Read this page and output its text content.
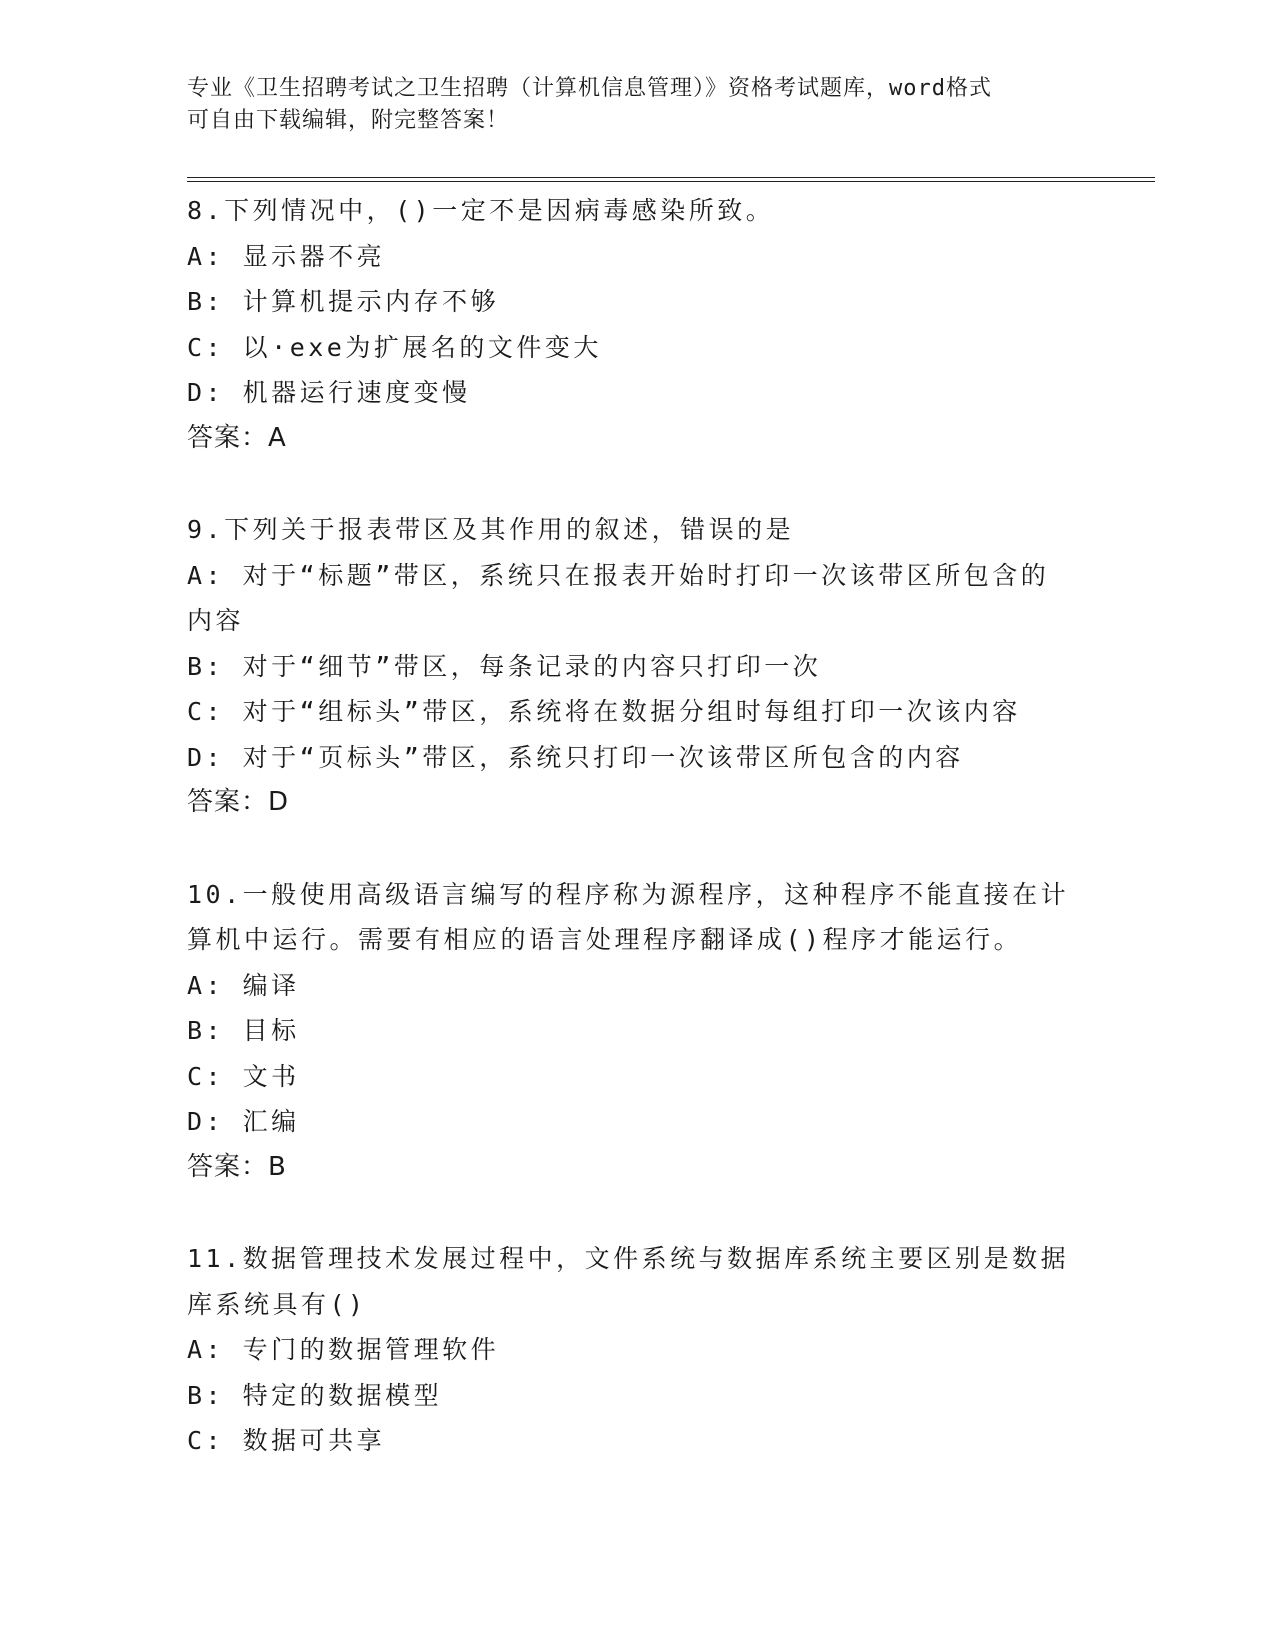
专业《卫生招聘考试之卫生招聘（计算机信息管理）》资格考试题库，word格式
可自由下载编辑，附完整答案！
8.下列情况中，()一定不是因病毒感染所致。
A: 显示器不亮
B: 计算机提示内存不够
C: 以·exe为扩展名的文件变大
D: 机器运行速度变慢
答案：A
9.下列关于报表带区及其作用的叙述，错误的是
A: 对于“标题”带区，系统只在报表开始时打印一次该带区所包含的
内容
B: 对于“细节”带区，每条记录的内容只打印一次
C: 对于“组标头”带区，系统将在数据分组时每组打印一次该内容
D: 对于“页标头”带区，系统只打印一次该带区所包含的内容
答案：D
10.一般使用高级语言编写的程序称为源程序，这种程序不能直接在计
算机中运行。需要有相应的语言处理程序翻译成()程序才能运行。
A: 编译
B: 目标
C: 文书
D: 汇编
答案：B
11.数据管理技术发展过程中，文件系统与数据库系统主要区别是数据
库系统具有()
A: 专门的数据管理软件
B: 特定的数据模型
C: 数据可共享
